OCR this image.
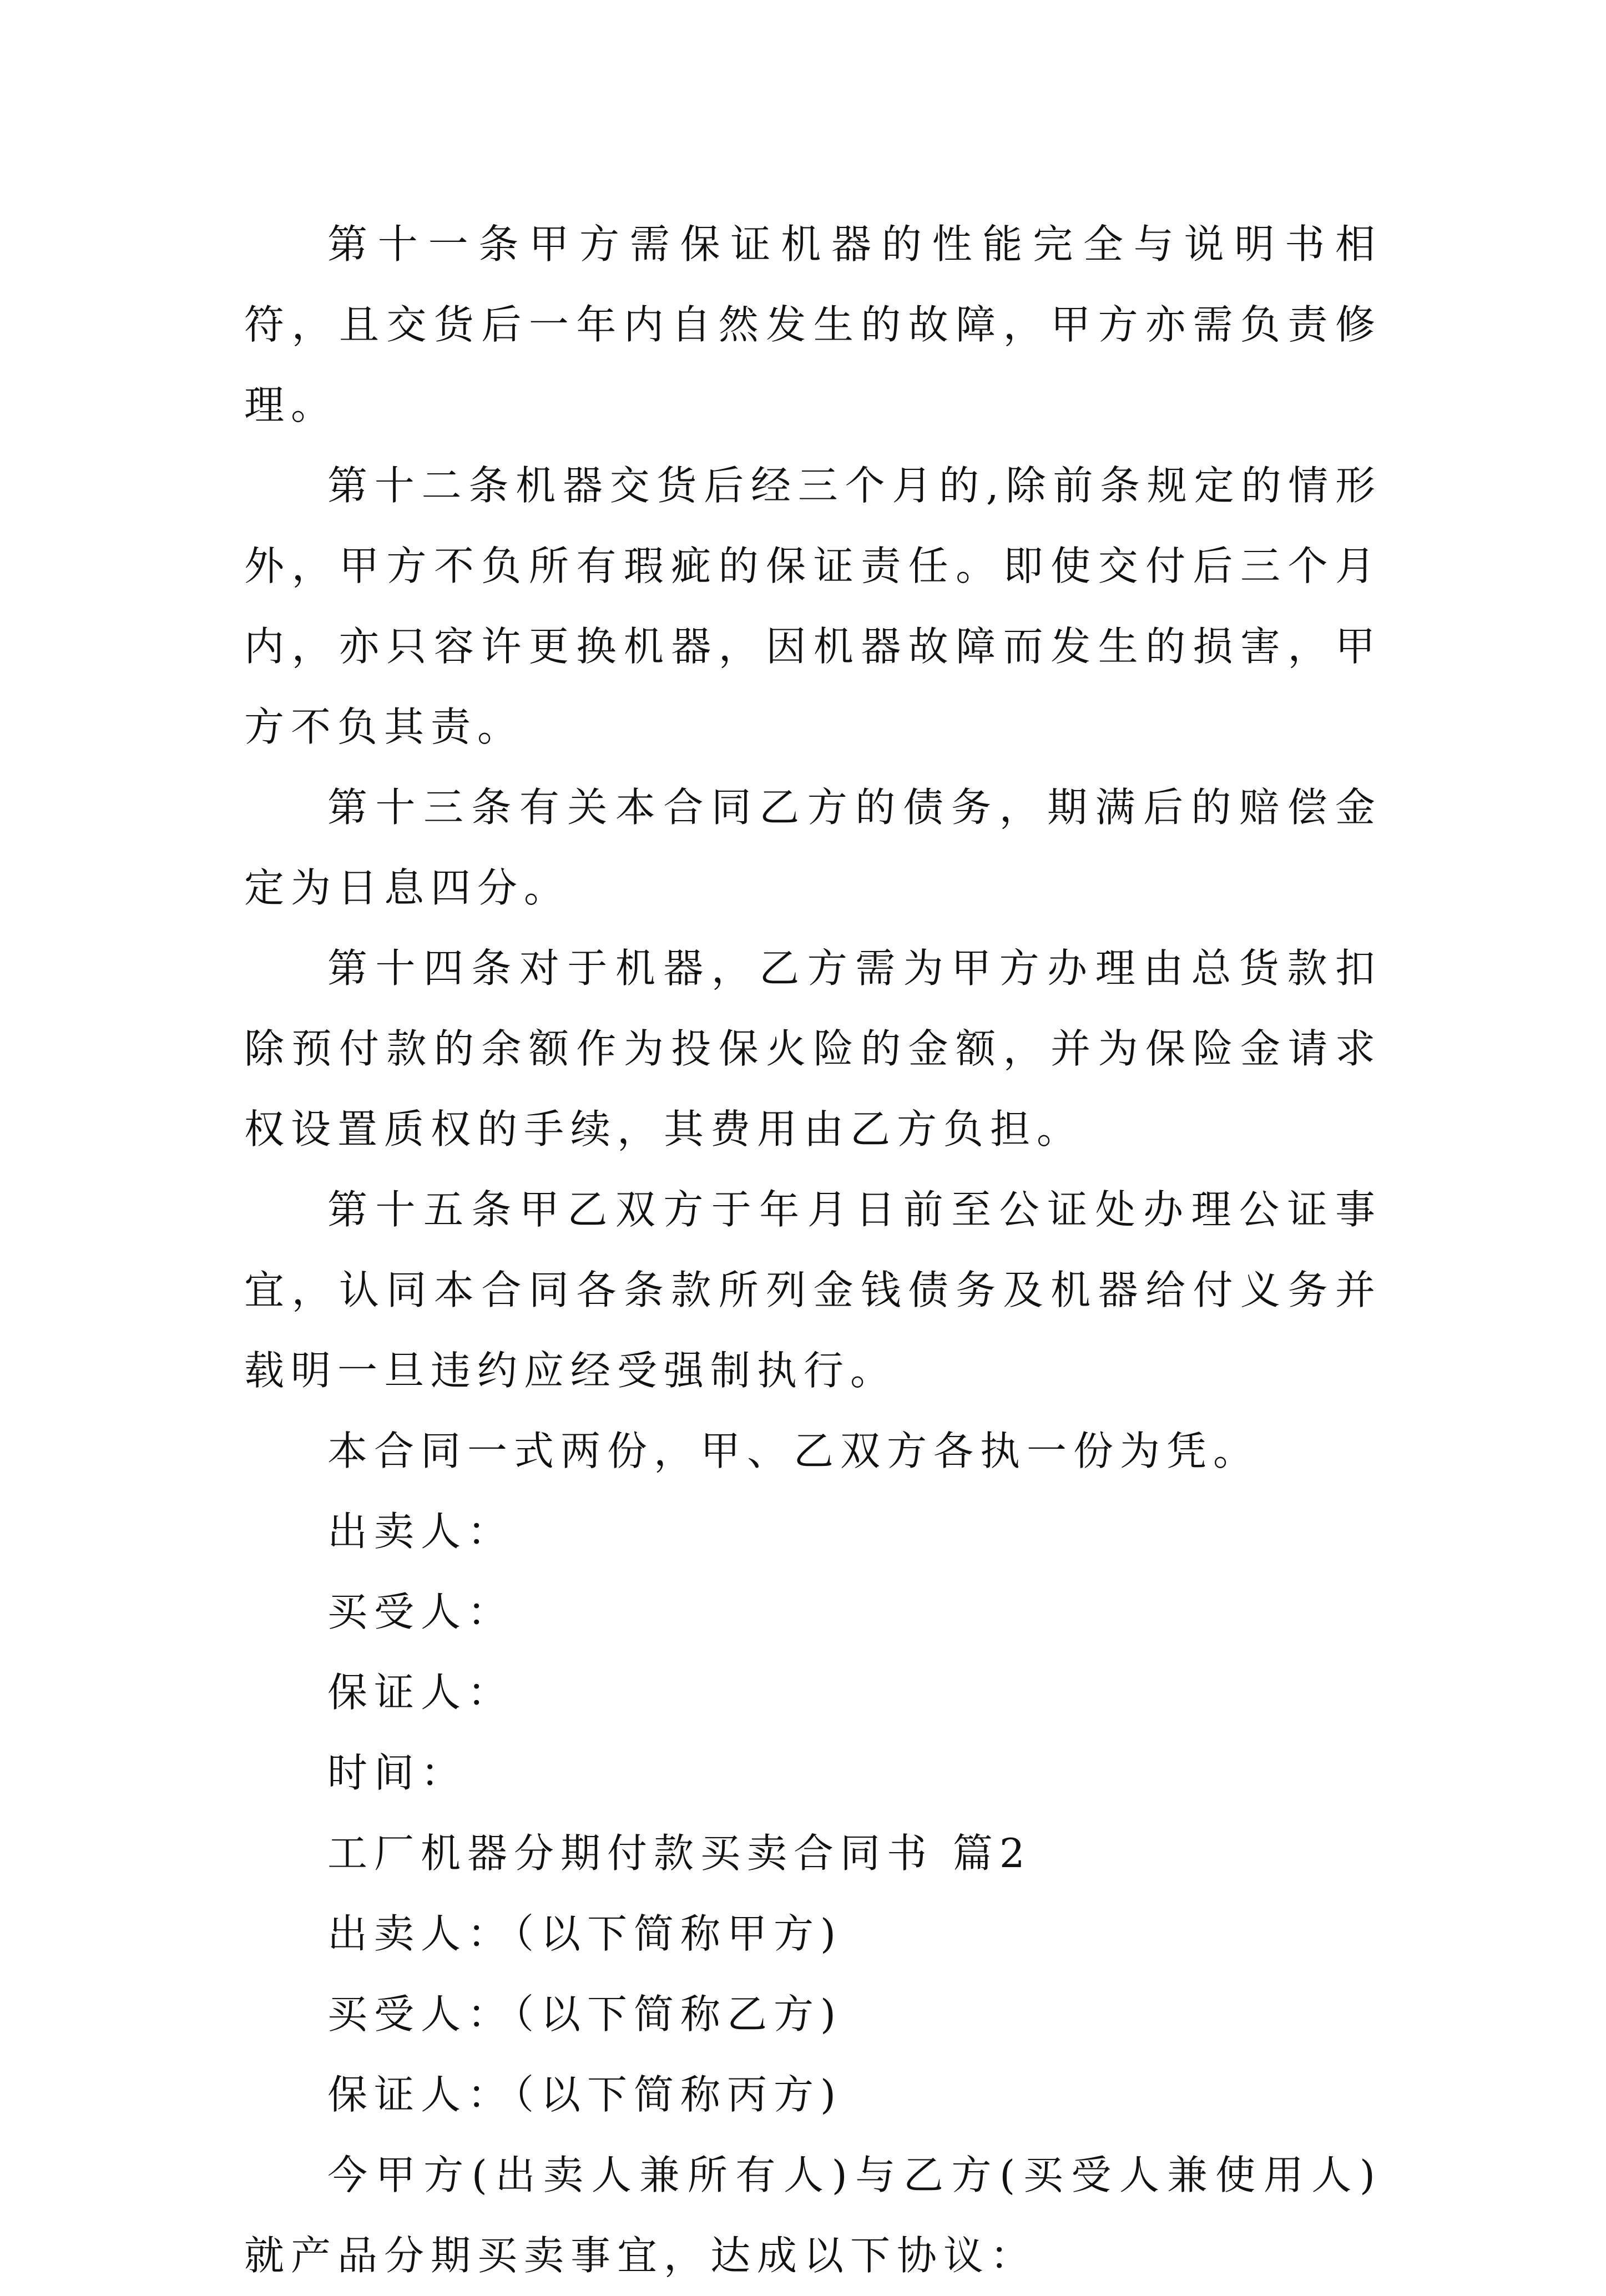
第十一条甲方需保证机器的性能完全与说明书相符，且交货后一年内自然发生的故障，甲方亦需负责修理。

第十二条机器交货后经三个月的,除前条规定的情形外，甲方不负所有瑕疵的保证责任。即使交付后三个月内，亦只容许更换机器，因机器故障而发生的损害，甲方不负其责。

第十三条有关本合同乙方的债务，期满后的赔偿金定为日息四分。

第十四条对于机器，乙方需为甲方办理由总货款扣除预付款的余额作为投保火险的金额，并为保险金请求权设置质权的手续，其费用由乙方负担。

第十五条甲乙双方于年月日前至公证处办理公证事宜，认同本合同各条款所列金钱债务及机器给付义务并载明一旦违约应经受强制执行。

本合同一式两份，甲、乙双方各执一份为凭。

出卖人：

买受人：

保证人：

时间：

工厂机器分期付款买卖合同书 篇2

出卖人：（以下简称甲方)

买受人：（以下简称乙方)

保证人：（以下简称丙方)

今甲方(出卖人兼所有人)与乙方(买受人兼使用人)就产品分期买卖事宜，达成以下协议：
